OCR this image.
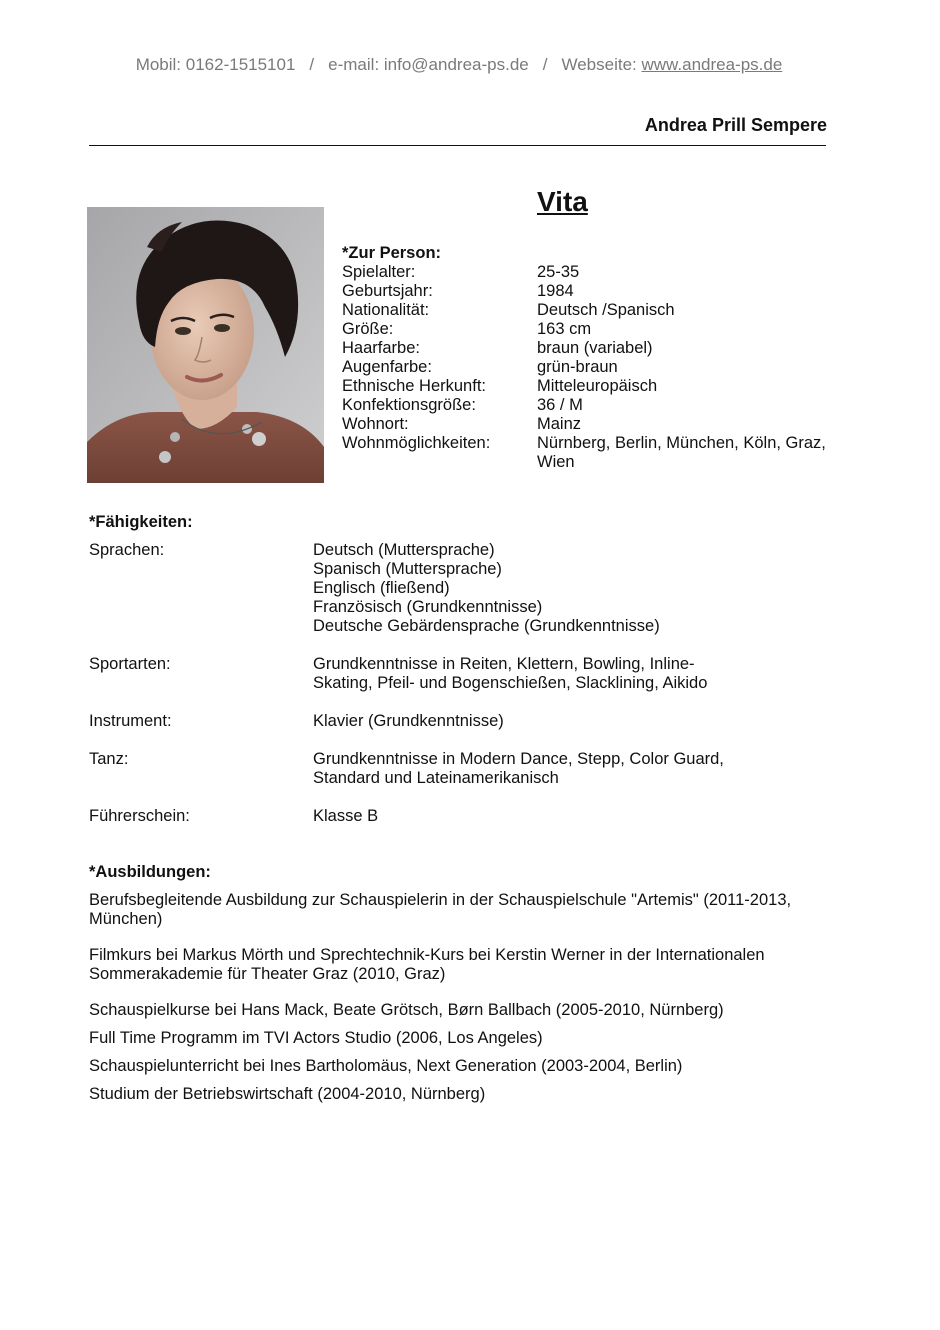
Mobil: 0162-1515101 / e-mail: info@andrea-ps.de / Webseite: www.andrea-ps.de
Andrea Prill Sempere
Vita
*Zur Person:
Spielalter:	25-35
Geburtsjahr:	1984
Nationalität:	Deutsch /Spanisch
Größe:	163 cm
Haarfarbe:	braun (variabel)
Augenfarbe:	grün-braun
Ethnische Herkunft:	Mitteleuropäisch
Konfektionsgröße:	36 / M
Wohnort:	Mainz
Wohnmöglichkeiten:	Nürnberg, Berlin, München, Köln, Graz, Wien
*Fähigkeiten:
Sprachen:	Deutsch (Muttersprache)
Spanisch (Muttersprache)
Englisch (fließend)
Französisch (Grundkenntnisse)
Deutsche Gebärdensprache (Grundkenntnisse)
Sportarten:	Grundkenntnisse in Reiten, Klettern, Bowling, Inline-
Skating, Pfeil- und Bogenschießen, Slacklining, Aikido
Instrument:	Klavier (Grundkenntnisse)
Tanz:	Grundkenntnisse in Modern Dance, Stepp, Color Guard,
Standard und Lateinamerikanisch
Führerschein:	Klasse B
*Ausbildungen:
Berufsbegleitende Ausbildung zur Schauspielerin in der Schauspielschule "Artemis" (2011-2013, München)
Filmkurs bei Markus Mörth und Sprechtechnik-Kurs bei Kerstin Werner in der Internationalen Sommerakademie für Theater Graz (2010, Graz)
Schauspielkurse bei Hans Mack, Beate Grötsch, Børn Ballbach (2005-2010, Nürnberg)
Full Time Programm im TVI Actors Studio (2006, Los Angeles)
Schauspielunterricht bei Ines Bartholomäus, Next Generation (2003-2004, Berlin)
Studium der Betriebswirtschaft (2004-2010, Nürnberg)
